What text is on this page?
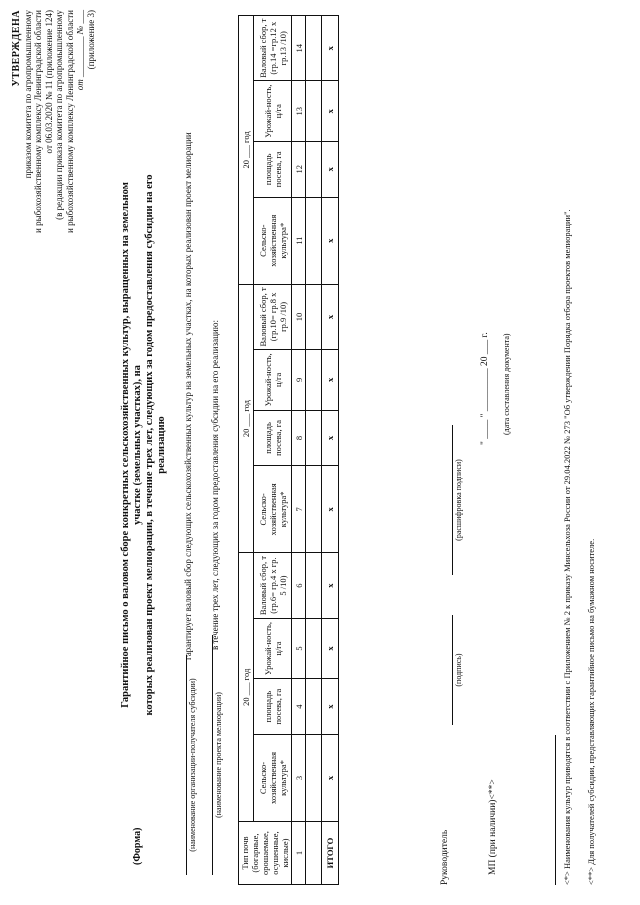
УТВЕРЖДЕНА приказом комитета по агропромышленному и рыбохозяйственному комплексу Ленинградской области от 06.03.2020 № 11 (приложение 124) (в редакции приказа комитета по агропромышленному и рыбохозяйственному комплексу Ленинградской области от _________ № ___ (приложение 3)
(Форма)
Гарантийное письмо о валовом сборе конкретных сельскохозяйственных культур, выращенных на земельном участке (земельных участках), на которых реализован проект мелиорации, в течение трех лет, следующих за годом предоставления субсидии на его реализацию
(наименование организации-получателя субсидии)
гарантирует валовый сбор следующих сельскохозяйственных культур на земельных участках, на которых реализован проект мелиорации
(наименование проекта мелиорации)
в течение трех лет, следующих за годом предоставления субсидии на его реализацию:
Тип почв (богарные, орошаемые, осушенные, кислые)	20 ___ год				20 ___ год				20 ___ год			
	Сельско-хозяйственная культура*	площадь посева, га	Урожай-ность, ц/га	Валовый сбор, т (гр.6= гр.4 х гр. 5 /10)	Сельско-хозяйственная культура*	площадь посева, га	Урожай-ность, ц/га	Валовый сбор, т (гр.10= гр.8 х гр.9 /10)	Сельско-хозяйственная культура*	площадь посева, га	Урожай-ность, ц/га	Валовый сбор, т (гр.14 =гр.12 х гр.13 /10)
1	3	4	5	6	7	8	9	10	11	12	13	14

ИТОГО	х	х	х	х	х	х	х	х	х	х	х	х
Руководитель
(подпись)
(расшифровка подписи)
МП (при наличии)<**>
" ____ " _________ 20 ___ г. (дата составления документа)	<*> Наименования культур приводятся в соответствии с Приложением № 2 к приказу Минсельхоза России от 29.04.2022 № 273 "Об утверждении Порядка отбора проектов мелиорации". <**> Для получателей субсидии, представляющих гарантийное письмо на бумажном носителе.
